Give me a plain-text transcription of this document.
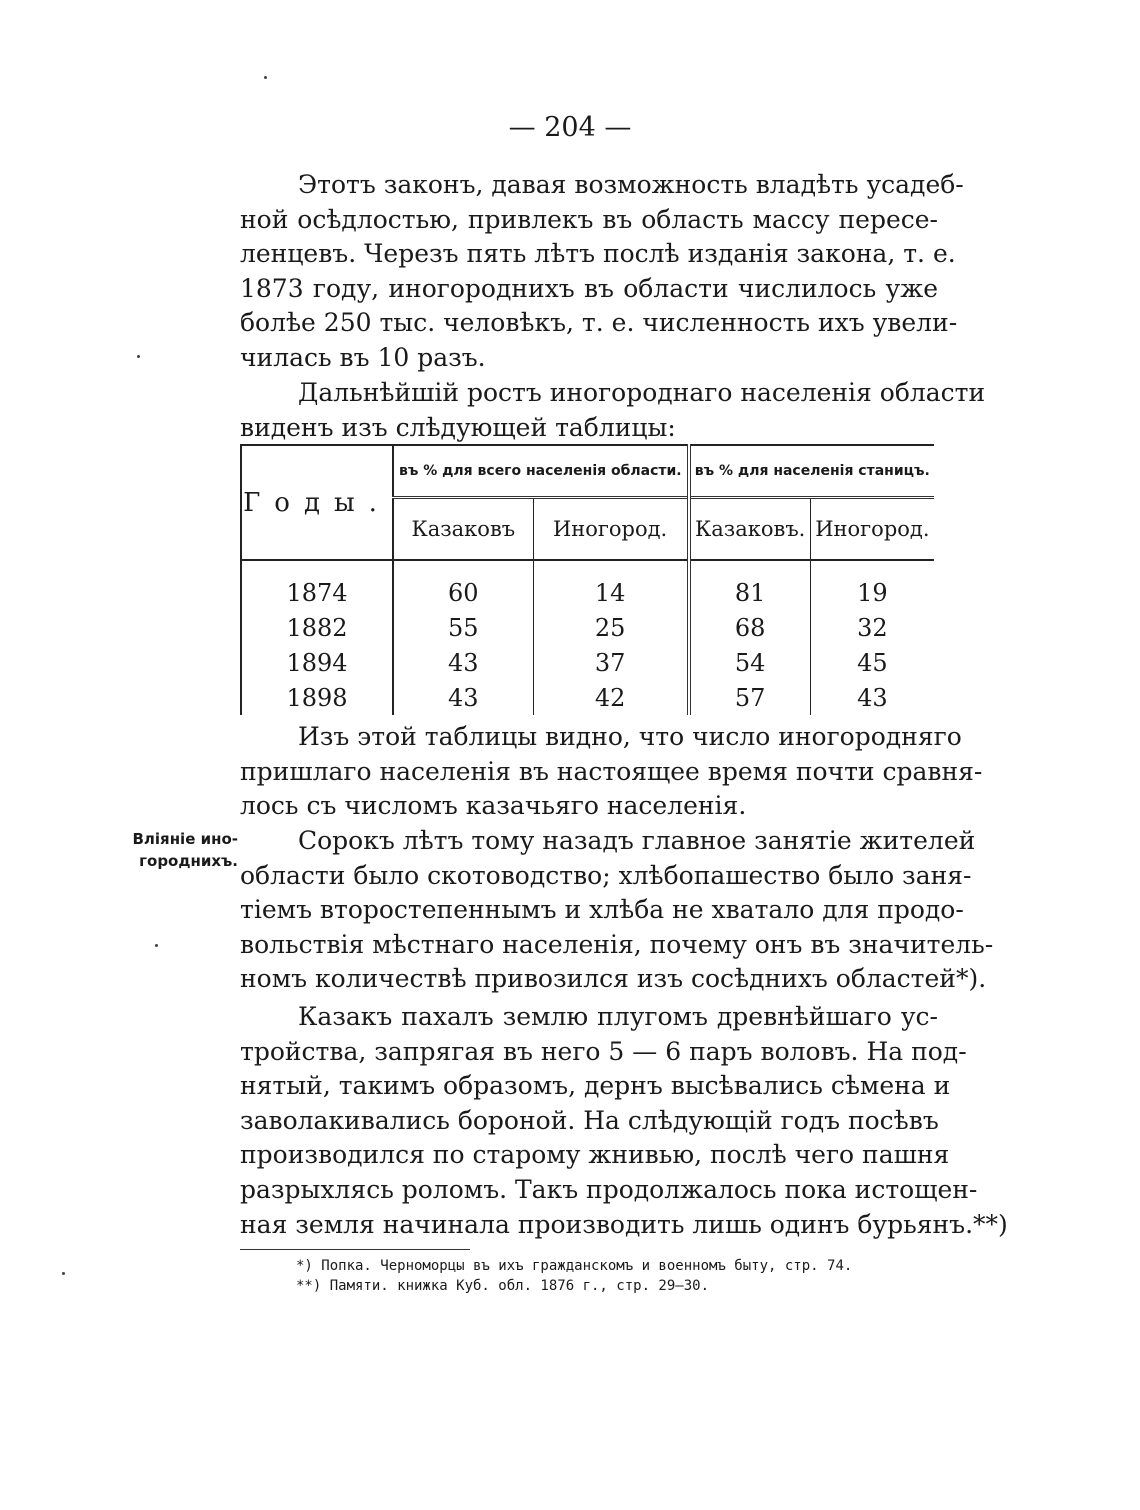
— 204 —
Этотъ законъ, давая возможность владѣть усадеб-
ной осѣдлостью, привлекъ въ область массу пересе-
ленцевъ. Черезъ пять лѣтъ послѣ изданія закона, т. е.
1873 году, иногороднихъ въ области числилось уже
болѣе 250 тыс. человѣкъ, т. е. численность ихъ увели-
чилась въ 10 разъ.
Дальнѣйшій ростъ иногороднаго населенія области
виденъ изъ слѣдующей таблицы:
Годы.	въ % для всего населенія области.		въ % для населенія станицъ.	
	Казаковъ	Иногород.	Казаковъ.	Иногород.
1874	60	14	81	19
1882	55	25	68	32
1894	43	37	54	45
1898	43	42	57	43
Изъ этой таблицы видно, что число иногородняго
пришлаго населенія въ настоящее время почти сравня-
лось съ числомъ казачьяго населенія.
Вліяніе ино-
городнихъ.
Сорокъ лѣтъ тому назадъ главное занятіе жителей
области было скотоводство; хлѣбопашество было заня-
тіемъ второстепеннымъ и хлѣба не хватало для продо-
вольствія мѣстнаго населенія, почему онъ въ значитель-
номъ количествѣ привозился изъ сосѣднихъ областей*).
Казакъ пахалъ землю плугомъ древнѣйшаго ус-
тройства, запрягая въ него 5 — 6 паръ воловъ. На под-
нятый, такимъ образомъ, дернъ высѣвались сѣмена и
заволакивались бороной. На слѣдующій годъ посѣвъ
производился по старому жнивью, послѣ чего пашня
разрыхлясь роломъ. Такъ продолжалось пока истощен-
ная земля начинала производить лишь одинъ бурьянъ.**)
*) Попка. Черноморцы въ ихъ гражданскомъ и военномъ быту, стр. 74.
**) Памяти. книжка Куб. обл. 1876 г., стр. 29—30.
